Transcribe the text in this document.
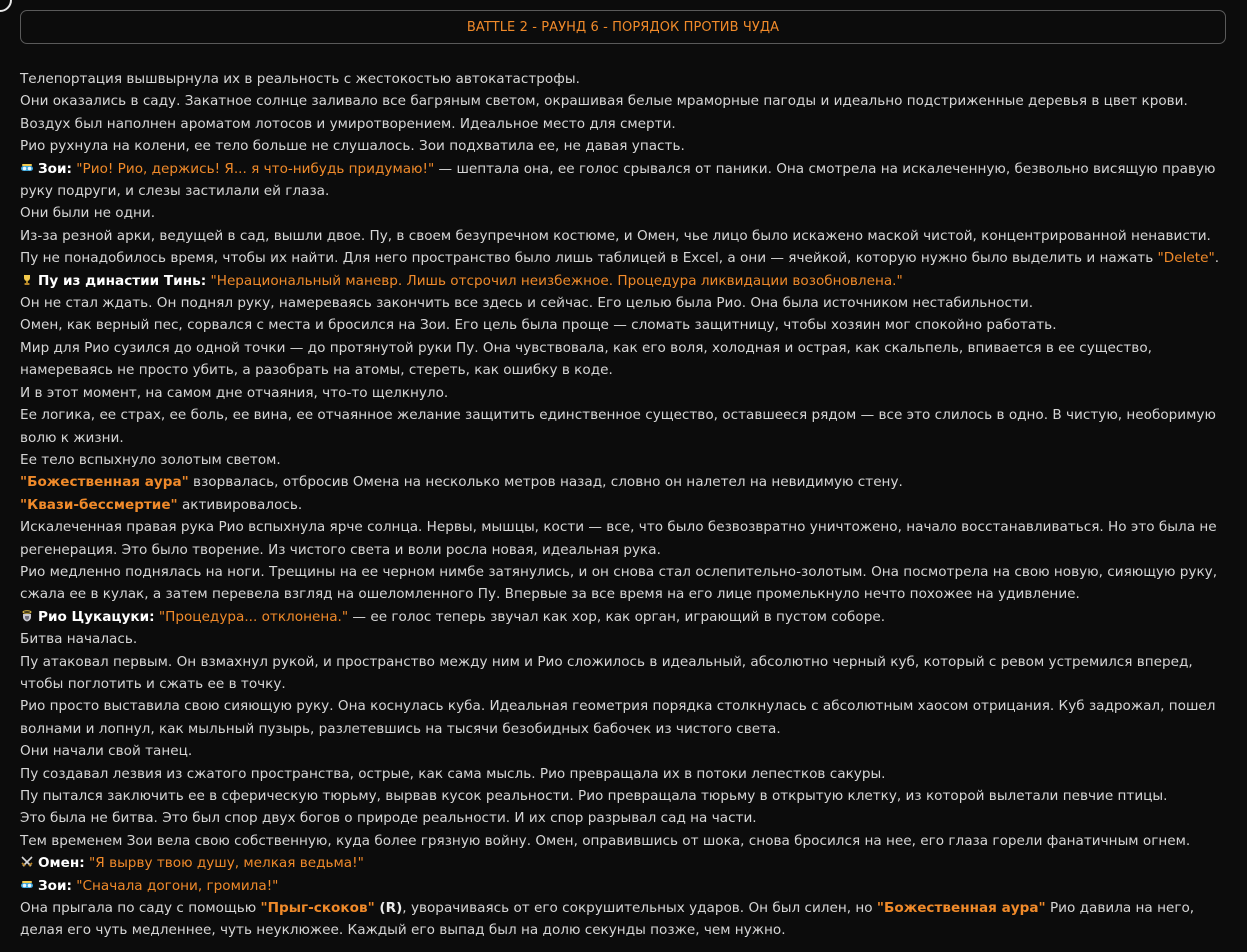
BATTLE 2 - РАУНД 6 - ПОРЯДОК ПРОТИВ ЧУДА

Телепортация вышвырнула их в реальность с жестокостью автокатастрофы.

Они оказались в саду. Закатное солнце заливало все багряным светом, окрашивая белые мраморные пагоды и идеально подстриженные деревья в цвет крови. Воздух был наполнен ароматом лотосов и умиротворением. Идеальное место для смерти.

Рио рухнула на колени, ее тело больше не слушалось. Зои подхватила ее, не давая упасть.

Зои: "Рио! Рио, держись! Я... я что-нибудь придумаю!" — шептала она, ее голос срывался от паники. Она смотрела на искалеченную, безвольно висящую правую руку подруги, и слезы застилали ей глаза.

Они были не одни.

Из-за резной арки, ведущей в сад, вышли двое. Пу, в своем безупречном костюме, и Омен, чье лицо было искажено маской чистой, концентрированной ненависти. Пу не понадобилось время, чтобы их найти. Для него пространство было лишь таблицей в Excel, а они — ячейкой, которую нужно было выделить и нажать "Delete".

Пу из династии Тинь: "Нерациональный маневр. Лишь отсрочил неизбежное. Процедура ликвидации возобновлена."

Он не стал ждать. Он поднял руку, намереваясь закончить все здесь и сейчас. Его целью была Рио. Она была источником нестабильности.

Омен, как верный пес, сорвался с места и бросился на Зои. Его цель была проще — сломать защитницу, чтобы хозяин мог спокойно работать.

Мир для Рио сузился до одной точки — до протянутой руки Пу. Она чувствовала, как его воля, холодная и острая, как скальпель, впивается в ее существо, намереваясь не просто убить, а разобрать на атомы, стереть, как ошибку в коде.

И в этот момент, на самом дне отчаяния, что-то щелкнуло.

Ее логика, ее страх, ее боль, ее вина, ее отчаянное желание защитить единственное существо, оставшееся рядом — все это слилось в одно. В чистую, необоримую волю к жизни.

Ее тело вспыхнуло золотым светом.

"Божественная аура" взорвалась, отбросив Омена на несколько метров назад, словно он налетел на невидимую стену.

"Квази-бессмертие" активировалось.

Искалеченная правая рука Рио вспыхнула ярче солнца. Нервы, мышцы, кости — все, что было безвозвратно уничтожено, начало восстанавливаться. Но это была не регенерация. Это было творение. Из чистого света и воли росла новая, идеальная рука.

Рио медленно поднялась на ноги. Трещины на ее черном нимбе затянулись, и он снова стал ослепительно-золотым. Она посмотрела на свою новую, сияющую руку, сжала ее в кулак, а затем перевела взгляд на ошеломленного Пу. Впервые за все время на его лице промелькнуло нечто похожее на удивление.

Рио Цукацуки: "Процедура... отклонена." — ее голос теперь звучал как хор, как орган, играющий в пустом соборе.

Битва началась.

Пу атаковал первым. Он взмахнул рукой, и пространство между ним и Рио сложилось в идеальный, абсолютно черный куб, который с ревом устремился вперед, чтобы поглотить и сжать ее в точку.

Рио просто выставила свою сияющую руку. Она коснулась куба. Идеальная геометрия порядка столкнулась с абсолютным хаосом отрицания. Куб задрожал, пошел волнами и лопнул, как мыльный пузырь, разлетевшись на тысячи безобидных бабочек из чистого света.

Они начали свой танец.

Пу создавал лезвия из сжатого пространства, острые, как сама мысль. Рио превращала их в потоки лепестков сакуры.

Пу пытался заключить ее в сферическую тюрьму, вырвав кусок реальности. Рио превращала тюрьму в открытую клетку, из которой вылетали певчие птицы.

Это была не битва. Это был спор двух богов о природе реальности. И их спор разрывал сад на части.

Тем временем Зои вела свою собственную, куда более грязную войну. Омен, оправившись от шока, снова бросился на нее, его глаза горели фанатичным огнем.

Омен: "Я вырву твою душу, мелкая ведьма!"

Зои: "Сначала догони, громила!"

Она прыгала по саду с помощью "Прыг-скоков" (R), уворачиваясь от его сокрушительных ударов. Он был силен, но "Божественная аура" Рио давила на него, делая его чуть медленнее, чуть неуклюжее. Каждый его выпад был на долю секунды позже, чем нужно.
